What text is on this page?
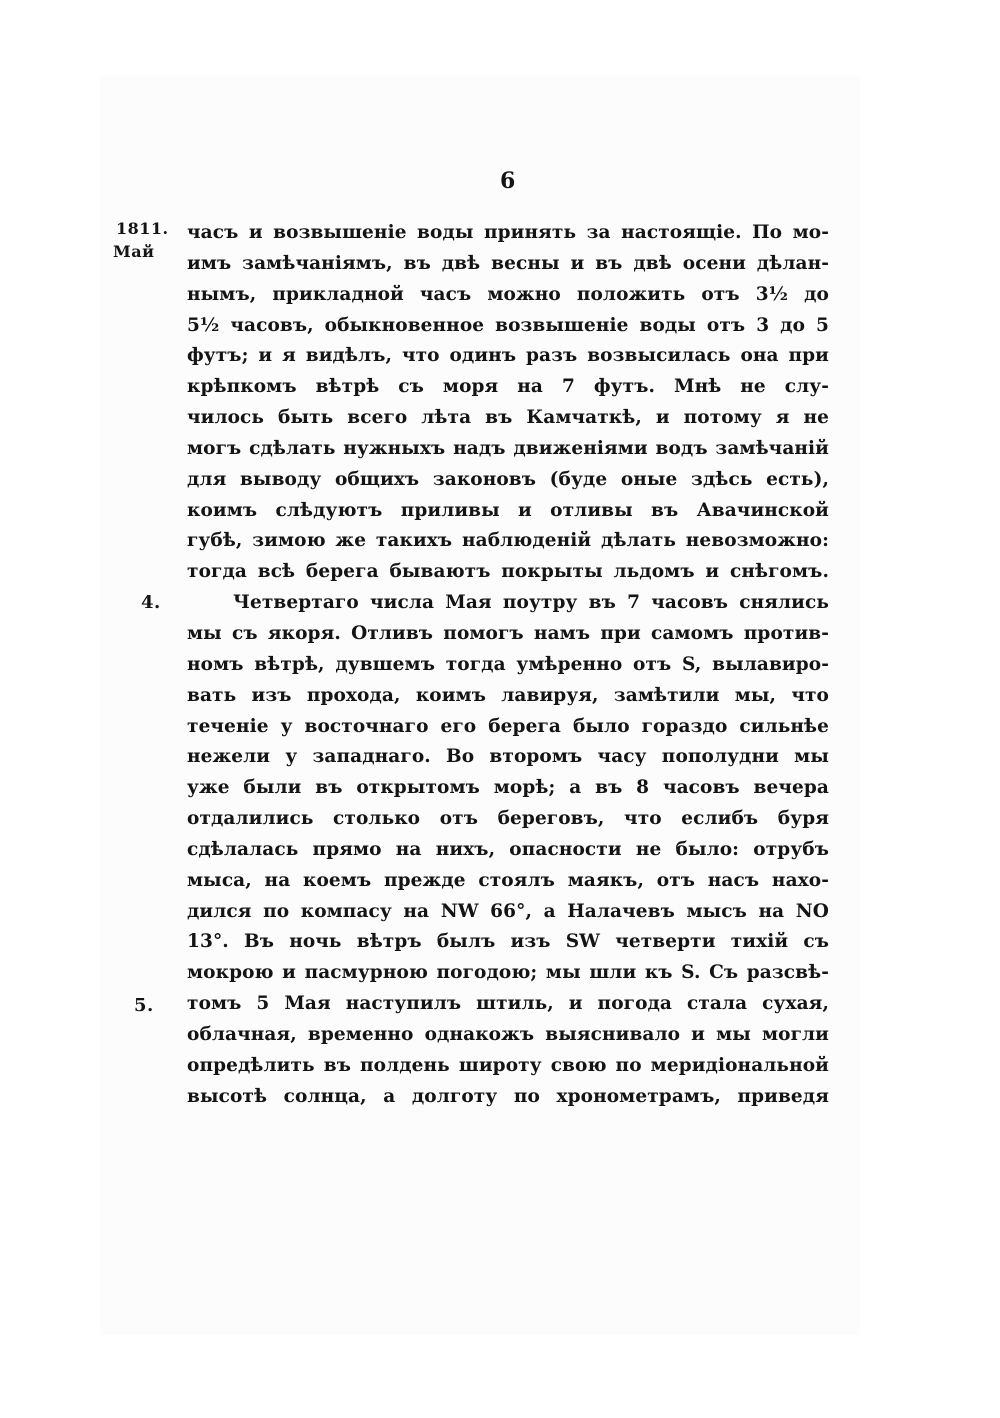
6
1811.
Май
4.
5.
часъ и возвышеніе воды принять за настоящіе. По мо-
имъ замѣчаніямъ, въ двѣ весны и въ двѣ осени дѣлан-
нымъ, прикладной часъ можно положить отъ 3½ до
5½ часовъ, обыкновенное возвышеніе воды отъ 3 до 5
футъ; и я видѣлъ, что одинъ разъ возвысилась она при
крѣпкомъ вѣтрѣ съ моря на 7 футъ. Мнѣ не слу-
чилось быть всего лѣта въ Камчаткѣ, и потому я не
могъ сдѣлать нужныхъ надъ движеніями водъ замѣчаній
для выводу общихъ законовъ (буде оные здѣсь есть),
коимъ слѣдуютъ приливы и отливы въ Авачинской
губѣ, зимою же такихъ наблюденій дѣлать невозможно:
тогда всѣ берега бываютъ покрыты льдомъ и снѣгомъ.
Четвертаго числа Мая поутру въ 7 часовъ снялись
мы съ якоря. Отливъ помогъ намъ при самомъ против-
номъ вѣтрѣ, дувшемъ тогда умѣренно отъ S, вылавиро-
вать изъ прохода, коимъ лавируя, замѣтили мы, что
теченіе у восточнаго его берега было гораздо сильнѣе
нежели у западнаго. Во второмъ часу пополудни мы
уже были въ открытомъ морѣ; а въ 8 часовъ вечера
отдалились столько отъ береговъ, что еслибъ буря
сдѣлалась прямо на нихъ, опасности не было: отрубъ
мыса, на коемъ прежде стоялъ маякъ, отъ насъ нахо-
дился по компасу на NW 66°, а Налачевъ мысъ на NO
13°. Въ ночь вѣтръ былъ изъ SW четверти тихій съ
мокрою и пасмурною погодою; мы шли къ S. Съ разсвѣ-
томъ 5 Мая наступилъ штиль, и погода стала сухая,
облачная, временно однакожъ выяснивало и мы могли
опредѣлить въ полдень широту свою по меридіональной
высотѣ солнца, а долготу по хронометрамъ, приведя
